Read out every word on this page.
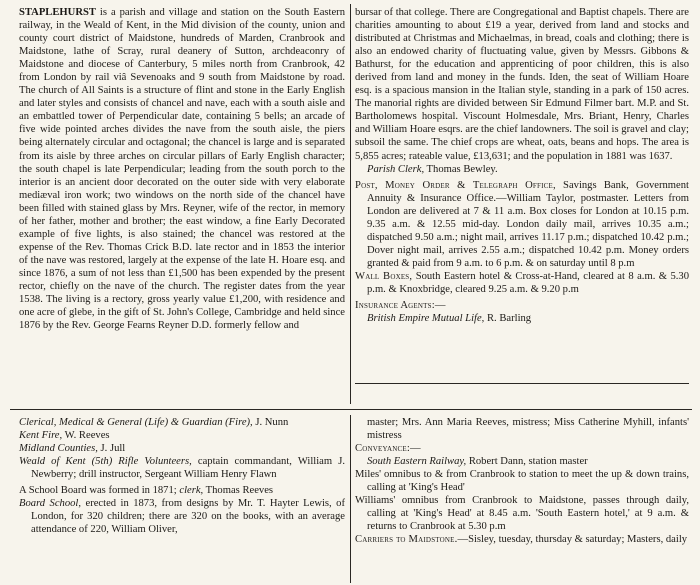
STAPLEHURST is a parish and village and station on the South Eastern railway, in the Weald of Kent, in the Mid division of the county, union and county court district of Maidstone, hundreds of Marden, Cranbrook and Maidstone, lathe of Scray, rural deanery of Sutton, archdeaconry of Maidstone and diocese of Canterbury, 5 miles north from Cranbrook, 42 from London by rail viâ Sevenoaks and 9 south from Maidstone by road. The church of All Saints is a structure of flint and stone in the Early English and later styles and consists of chancel and nave, each with a south aisle and an embattled tower of Perpendicular date, containing 5 bells; an arcade of five wide pointed arches divides the nave from the south aisle, the piers being alternately circular and octagonal; the chancel is large and is separated from its aisle by three arches on circular pillars of Early English character; the south chapel is late Perpendicular; leading from the south porch to the interior is an ancient door decorated on the outer side with very elaborate mediæval iron work; two windows on the north side of the chancel have been filled with stained glass by Mrs. Reyner, wife of the rector, in memory of her father, mother and brother; the east window, a fine Early Decorated example of five lights, is also stained; the chancel was restored at the expense of the Rev. Thomas Crick B.D. late rector and in 1853 the interior of the nave was restored, largely at the expense of the late H. Hoare esq. and since 1876, a sum of not less than £1,500 has been expended by the present rector, chiefly on the nave of the church. The register dates from the year 1538. The living is a rectory, gross yearly value £1,200, with residence and one acre of glebe, in the gift of St. John's College, Cambridge and held since 1876 by the Rev. George Fearns Reyner D.D. formerly fellow and

bursar of that college. There are Congregational and Baptist chapels. There are charities amounting to about £19 a year, derived from land and stocks and distributed at Christmas and Michaelmas, in bread, coals and clothing; there is also an endowed charity of fluctuating value, given by Messrs. Gibbons & Bathurst, for the education and apprenticing of poor children, this is also derived from land and money in the funds. Iden, the seat of William Hoare esq. is a spacious mansion in the Italian style, standing in a park of 150 acres. The manorial rights are divided between Sir Edmund Filmer bart. M.P. and St. Bartholomews hospital. Viscount Holmesdale, Mrs. Briant, Henry, Charles and William Hoare esqrs. are the chief landowners. The soil is gravel and clay; subsoil the same. The chief crops are wheat, oats, beans and hops. The area is 5,855 acres; rateable value, £13,631; and the population in 1881 was 1637.

Parish Clerk, Thomas Bewley.

Post, Money Order & Telegraph Office, Savings Bank, Government Annuity & Insurance Office.—William Taylor, postmaster. Letters from London are delivered at 7 & 11 a.m. Box closes for London at 10.15 p.m. 9.35 a.m. & 12.55 mid-day. London daily mail, arrives 10.35 a.m.; dispatched 9.50 a.m.; night mail, arrives 11.17 p.m.; dispatched 10.42 p.m.; Dover night mail, arrives 2.55 a.m.; dispatched 10.42 p.m. Money orders granted & paid from 9 a.m. to 6 p.m. & on saturday until 8 p.m

Wall Boxes, South Eastern hotel & Cross-at-Hand, cleared at 8 a.m. & 5.30 p.m. & Knoxbridge, cleared 9.25 a.m. & 9.20 p.m

Insurance Agents:—

British Empire Mutual Life, R. Barling

Clerical, Medical & General (Life) & Guardian (Fire), J. Nunn

Kent Fire, W. Reeves

Midland Counties, J. Jull

Weald of Kent (5th) Rifle Volunteers, captain commandant, William J. Newberry; drill instructor, Sergeant William Henry Flawn

A School Board was formed in 1871; clerk, Thomas Reeves

Board School, erected in 1873, from designs by Mr. T. Hayter Lewis, of London, for 320 children; there are 320 on the books, with an average attendance of 220, William Oliver,

master; Mrs. Ann Maria Reeves, mistress; Miss Catherine Myhill, infants' mistress

Conveyance:—

South Eastern Railway, Robert Dann, station master

Miles' omnibus to & from Cranbrook to station to meet the up & down trains, calling at 'King's Head'

Williams' omnibus from Cranbrook to Maidstone, passes through daily, calling at 'King's Head' at 8.45 a.m. 'South Eastern hotel,' at 9 a.m. & returns to Cranbrook at 5.30 p.m

Carriers to Maidstone.—Sisley, tuesday, thursday & saturday; Masters, daily
